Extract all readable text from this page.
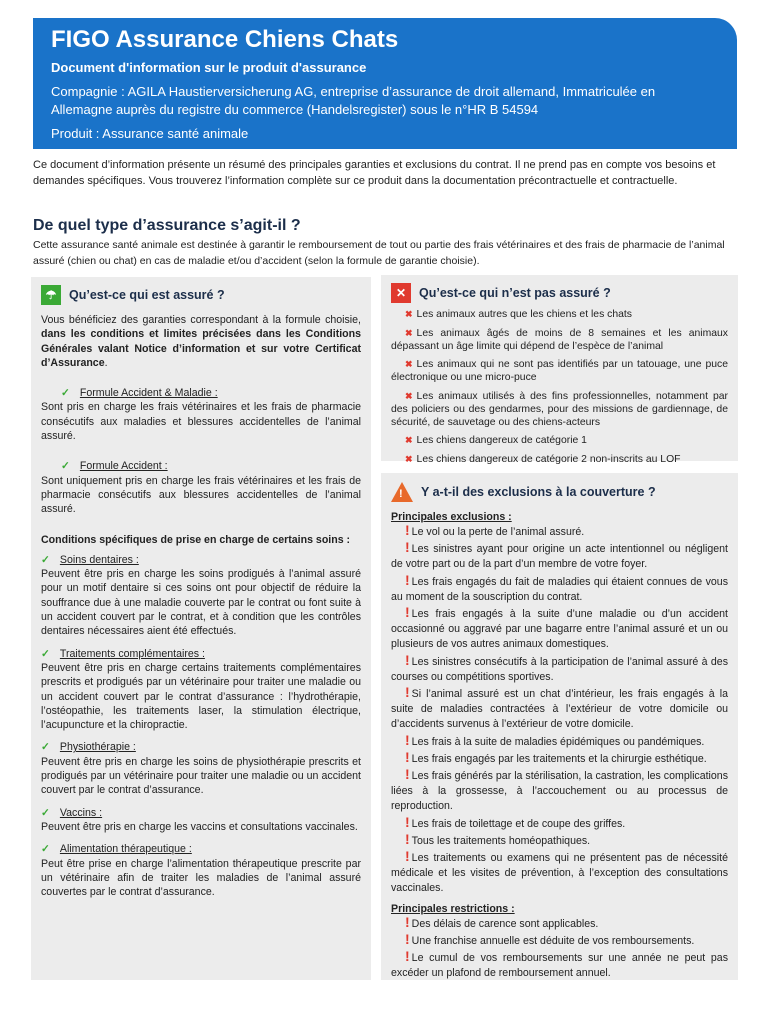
FIGO Assurance Chiens Chats
Document d'information sur le produit d'assurance
Compagnie : AGILA Haustierversicherung AG, entreprise d’assurance de droit allemand, Immatriculée en Allemagne auprès du registre du commerce (Handelsregister) sous le n°HR B 54594
Produit : Assurance santé animale
Ce document d’information présente un résumé des principales garanties et exclusions du contrat. Il ne prend pas en compte vos besoins et demandes spécifiques. Vous trouverez l’information complète sur ce produit dans la documentation précontractuelle et contractuelle.
De quel type d’assurance s’agit-il ?
Cette assurance santé animale est destinée à garantir le remboursement de tout ou partie des frais vétérinaires et des frais de pharmacie de l’animal assuré (chien ou chat) en cas de maladie et/ou d’accident (selon la formule de garantie choisie).
☂	Qu’est-ce qui est assuré ?
Vous bénéficiez des garanties correspondant à la formule choisie, dans les conditions et limites précisées dans les Conditions Générales valant Notice d’information et sur votre Certificat d’Assurance.
✓ Formule Accident & Maladie :
Sont pris en charge les frais vétérinaires et les frais de pharmacie consécutifs aux maladies et blessures accidentelles de l’animal assuré.
✓ Formule Accident :
Sont uniquement pris en charge les frais vétérinaires et les frais de pharmacie consécutifs aux blessures accidentelles de l’animal assuré.
Conditions spécifiques de prise en charge de certains soins :
✓ Soins dentaires :
Peuvent être pris en charge les soins prodigués à l’animal assuré pour un motif dentaire si ces soins ont pour objectif de réduire la souffrance due à une maladie couverte par le contrat ou font suite à un accident couvert par le contrat, et à condition que les contrôles dentaires nécessaires aient été effectués.
✓ Traitements complémentaires :
Peuvent être pris en charge certains traitements complémentaires prescrits et prodigués par un vétérinaire pour traiter une maladie ou un accident couvert par le contrat d’assurance : l’hydrothérapie, l’ostéopathie, les traitements laser, la stimulation électrique, l’acupuncture et la chiropractie.
✓ Physiothérapie :
Peuvent être pris en charge les soins de physiothérapie prescrits et prodigués par un vétérinaire pour traiter une maladie ou un accident couvert par le contrat d’assurance.
✓ Vaccins :
Peuvent être pris en charge les vaccins et consultations vaccinales.
✓ Alimentation thérapeutique :
Peut être prise en charge l’alimentation thérapeutique prescrite par un vétérinaire afin de traiter les maladies de l’animal assuré couvertes par le contrat d’assurance.
✕	Qu’est-ce qui n’est pas assuré ?
✖ Les animaux autres que les chiens et les chats
✖ Les animaux âgés de moins de 8 semaines et les animaux dépassant un âge limite qui dépend de l’espèce de l’animal
✖ Les animaux qui ne sont pas identifiés par un tatouage, une puce électronique ou une micro-puce
✖ Les animaux utilisés à des fins professionnelles, notamment par des policiers ou des gendarmes, pour des missions de gardiennage, de sécurité, de sauvetage ou des chiens-acteurs
✖ Les chiens dangereux de catégorie 1
✖ Les chiens dangereux de catégorie 2 non-inscrits au LOF
! Y a-t-il des exclusions à la couverture ?
Principales exclusions :
! Le vol ou la perte de l’animal assuré.
! Les sinistres ayant pour origine un acte intentionnel ou négligent de votre part ou de la part d’un membre de votre foyer.
! Les frais engagés du fait de maladies qui étaient connues de vous au moment de la souscription du contrat.
! Les frais engagés à la suite d’une maladie ou d’un accident occasionné ou aggravé par une bagarre entre l’animal assuré et un ou plusieurs de vos autres animaux domestiques.
! Les sinistres consécutifs à la participation de l’animal assuré à des courses ou compétitions sportives.
! Si l’animal assuré est un chat d’intérieur, les frais engagés à la suite de maladies contractées à l’extérieur de votre domicile ou d’accidents survenus à l’extérieur de votre domicile.
! Les frais à la suite de maladies épidémiques ou pandémiques.
! Les frais engagés par les traitements et la chirurgie esthétique.
! Les frais générés par la stérilisation, la castration, les complications liées à la grossesse, à l’accouchement ou au processus de reproduction.
! Les frais de toilettage et de coupe des griffes.
! Tous les traitements homéopathiques.
! Les traitements ou examens qui ne présentent pas de nécessité médicale et les visites de prévention, à l’exception des consultations vaccinales.
Principales restrictions :
! Des délais de carence sont applicables.
! Une franchise annuelle est déduite de vos remboursements.
! Le cumul de vos remboursements sur une année ne peut pas excéder un plafond de remboursement annuel.
